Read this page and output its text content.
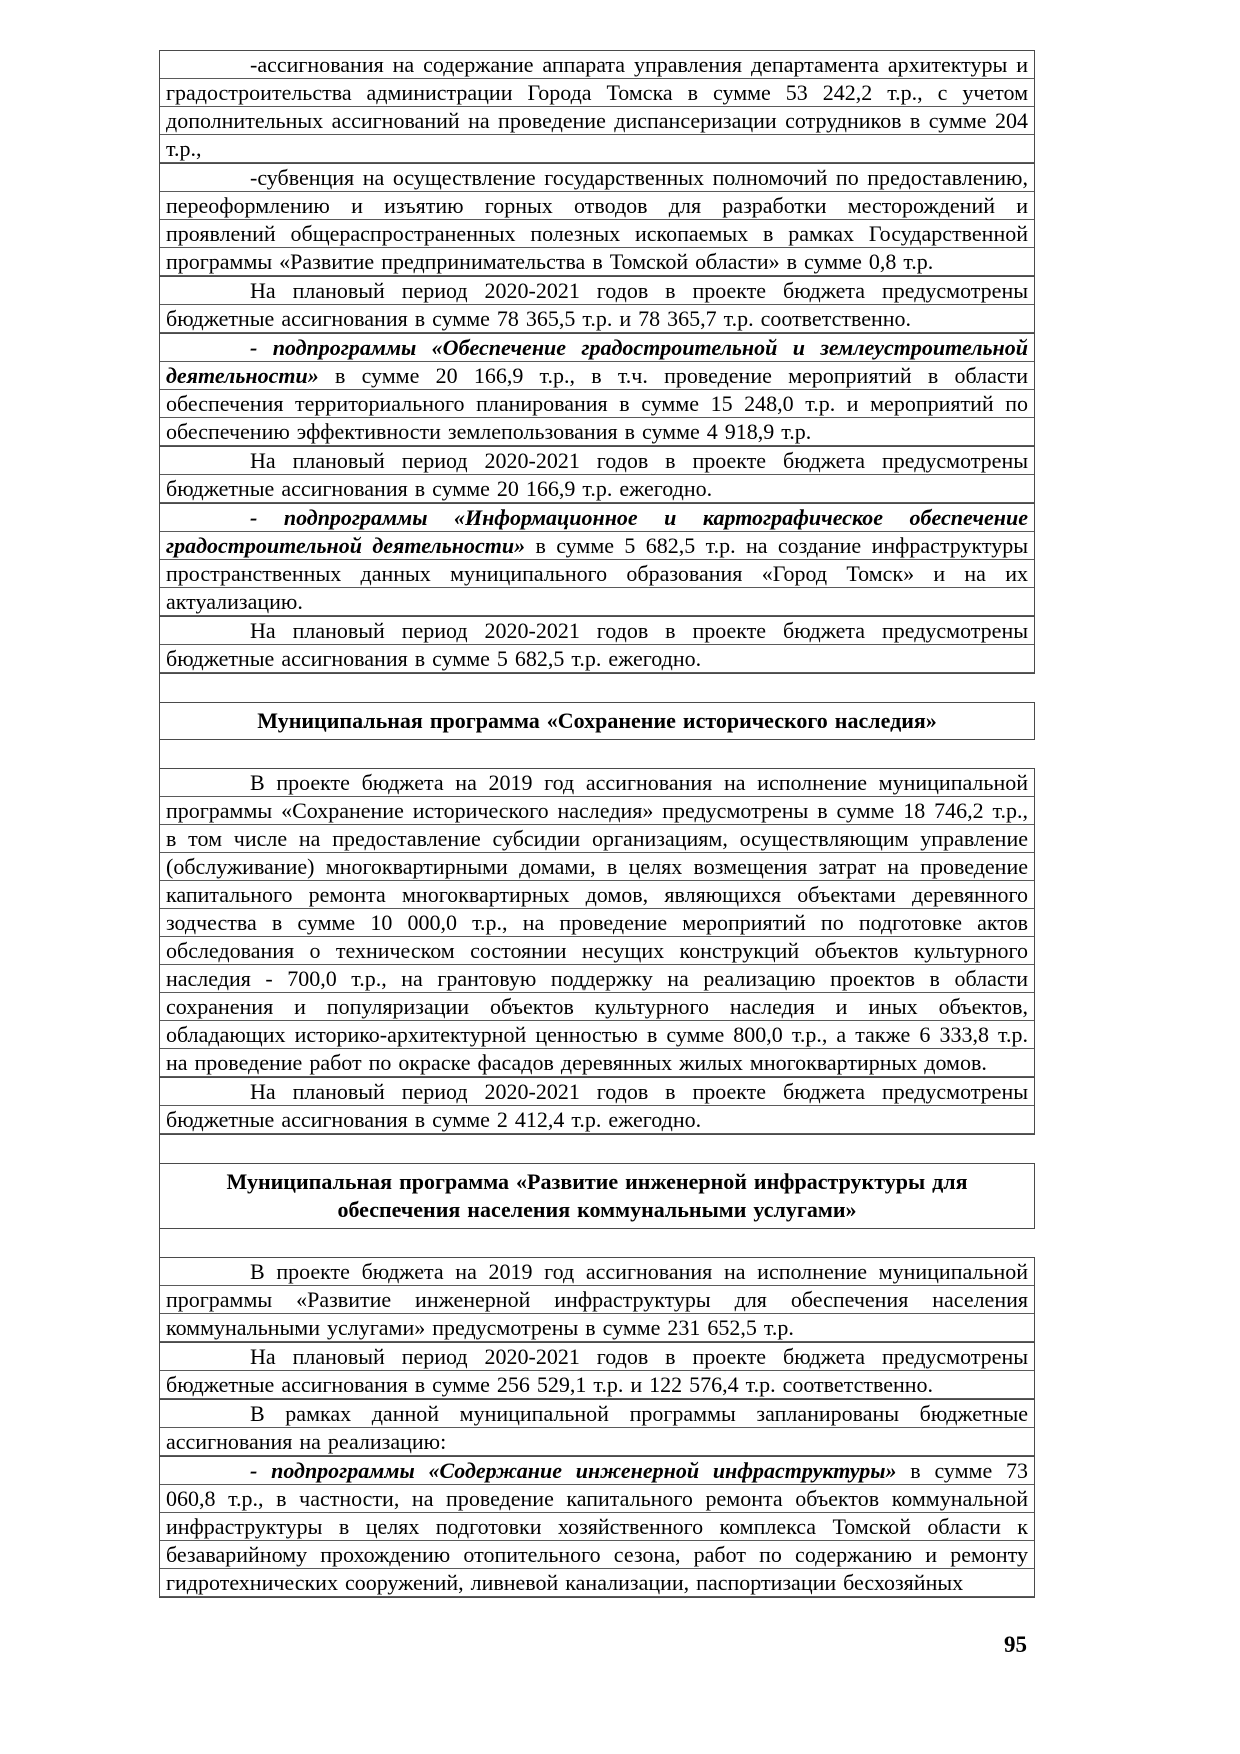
-ассигнования на содержание аппарата управления департамента архитектуры и градостроительства администрации Города Томска в сумме 53 242,2 т.р., с учетом дополнительных ассигнований на проведение диспансеризации сотрудников в сумме 204 т.р.,
-субвенция на осуществление государственных полномочий по предоставлению, переоформлению и изъятию горных отводов для разработки месторождений и проявлений общераспространенных полезных ископаемых в рамках Государственной программы «Развитие предпринимательства в Томской области» в сумме 0,8 т.р.
На плановый период 2020-2021 годов в проекте бюджета предусмотрены бюджетные ассигнования в сумме 78 365,5 т.р. и 78 365,7 т.р. соответственно.
- подпрограммы «Обеспечение градостроительной и землеустроительной деятельности» в сумме 20 166,9 т.р., в т.ч. проведение мероприятий в области обеспечения территориального планирования в сумме 15 248,0 т.р. и мероприятий по обеспечению эффективности землепользования в сумме 4 918,9 т.р.
На плановый период 2020-2021 годов в проекте бюджета предусмотрены бюджетные ассигнования в сумме 20 166,9 т.р. ежегодно.
- подпрограммы «Информационное и картографическое обеспечение градостроительной деятельности» в сумме 5 682,5 т.р. на создание инфраструктуры пространственных данных муниципального образования «Город Томск» и на их актуализацию.
На плановый период 2020-2021 годов в проекте бюджета предусмотрены бюджетные ассигнования в сумме 5 682,5 т.р. ежегодно.
Муниципальная программа «Сохранение исторического наследия»
В проекте бюджета на 2019 год ассигнования на исполнение муниципальной программы «Сохранение исторического наследия» предусмотрены в сумме 18 746,2 т.р., в том числе на предоставление субсидии организациям, осуществляющим управление (обслуживание) многоквартирными домами, в целях возмещения затрат на проведение капитального ремонта многоквартирных домов, являющихся объектами деревянного зодчества в сумме 10 000,0 т.р., на проведение мероприятий по подготовке актов обследования о техническом состоянии несущих конструкций объектов культурного наследия - 700,0 т.р., на грантовую поддержку на реализацию проектов в области сохранения и популяризации объектов культурного наследия и иных объектов, обладающих историко-архитектурной ценностью в сумме 800,0 т.р., а также 6 333,8 т.р. на проведение работ по окраске фасадов деревянных жилых многоквартирных домов.
На плановый период 2020-2021 годов в проекте бюджета предусмотрены бюджетные ассигнования в сумме 2 412,4 т.р. ежегодно.
Муниципальная программа «Развитие инженерной инфраструктуры для обеспечения населения коммунальными услугами»
В проекте бюджета на 2019 год ассигнования на исполнение муниципальной программы «Развитие инженерной инфраструктуры для обеспечения населения коммунальными услугами» предусмотрены в сумме 231 652,5 т.р.
На плановый период 2020-2021 годов в проекте бюджета предусмотрены бюджетные ассигнования в сумме 256 529,1 т.р. и 122 576,4 т.р. соответственно.
В рамках данной муниципальной программы запланированы бюджетные ассигнования на реализацию:
- подпрограммы «Содержание инженерной инфраструктуры» в сумме 73 060,8 т.р., в частности, на проведение капитального ремонта объектов коммунальной инфраструктуры в целях подготовки хозяйственного комплекса Томской области к безаварийному прохождению отопительного сезона, работ по содержанию и ремонту гидротехнических сооружений, ливневой канализации, паспортизации бесхозяйных
95
